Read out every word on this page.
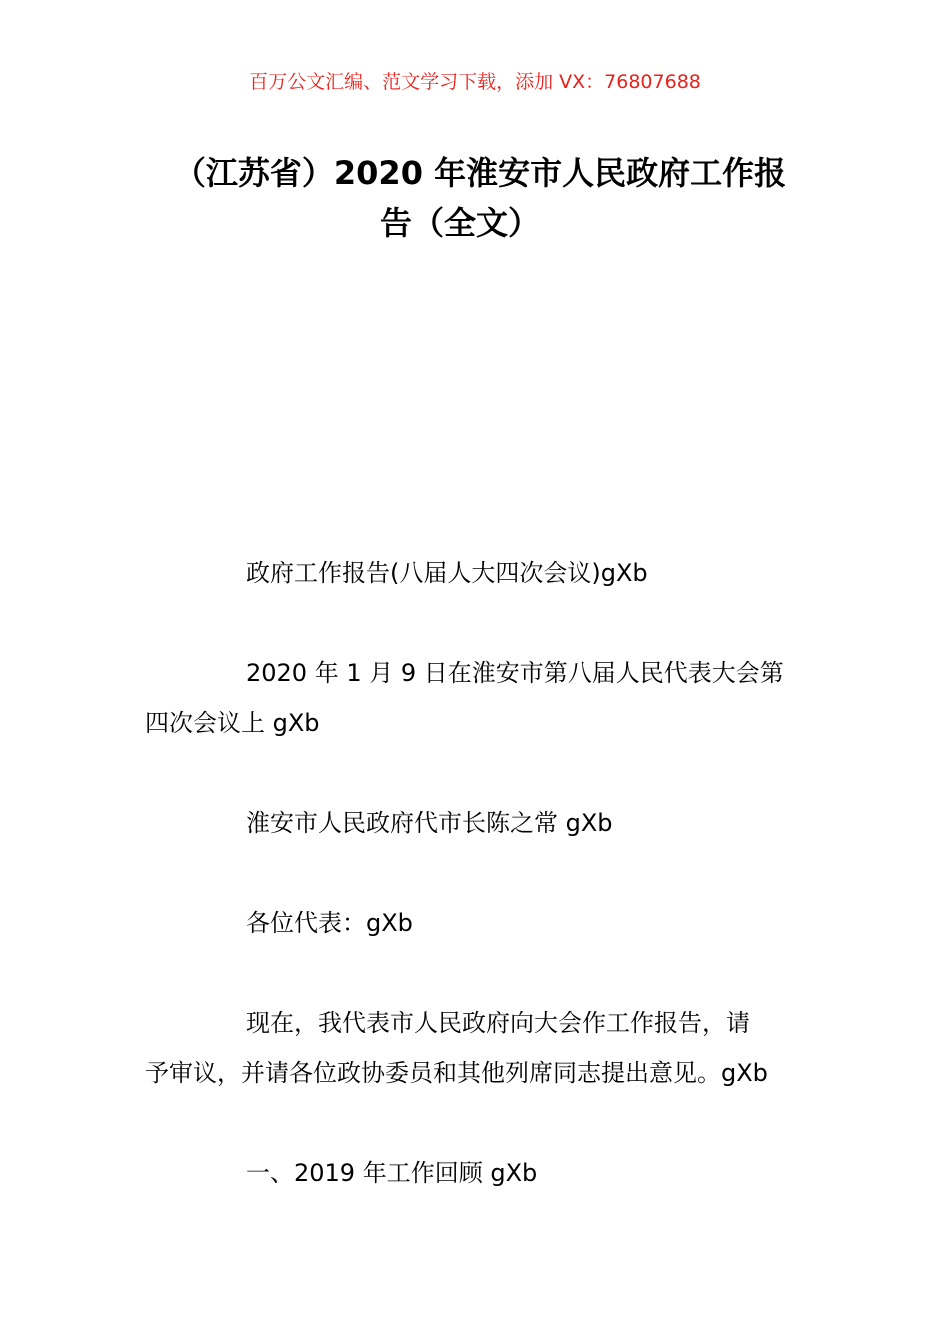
百万公文汇编、范文学习下载，添加 VX：76807688
（江苏省）2020 年淮安市人民政府工作报
告（全文）
政府工作报告(八届人大四次会议)gXb
2020 年 1 月 9 日在淮安市第八届人民代表大会第
四次会议上 gXb
淮安市人民政府代市长陈之常 gXb
各位代表：gXb
现在，我代表市人民政府向大会作工作报告，请
予审议，并请各位政协委员和其他列席同志提出意见。gXb
一、2019 年工作回顾 gXb
